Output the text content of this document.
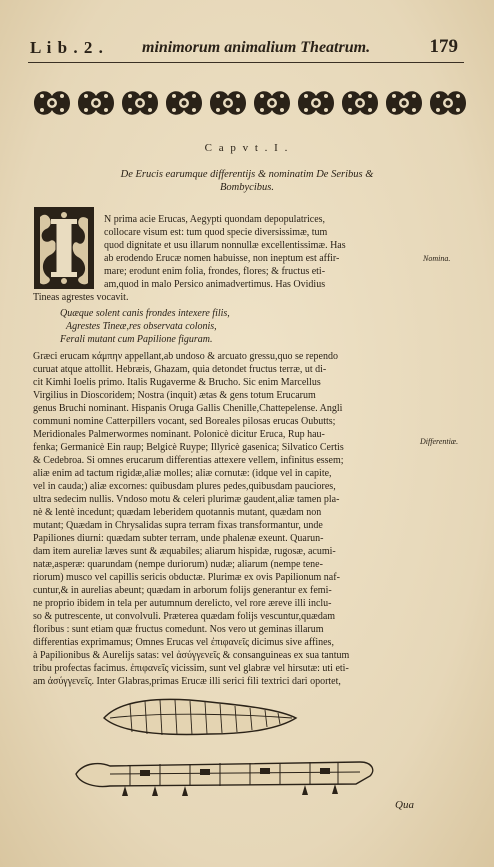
L i b . 2 . minimorum animalium Theatrum.	179
C a p v t . I .
De Erucis earumque differentijs & nominatim De Seribus &
Bombycibus.

N prima acie Erucas, Aegypti quondam depopulatrices,

collocare visum est: tum quod specie diversissimæ, tum

quod dignitate et usu illarum nonnullæ excellentissimæ. Has

ab erodendo Erucæ nomen habuisse, non ineptum est affir-

mare; erodunt enim folia, frondes, flores; & fructus eti-

am,quod in malo Persico animadvertimus. Has Ovidius

Tineas agrestes vocavit.
Nomina.
Quæque solent canis frondes intexere filis,
Agrestes Tineæ,res observata colonis,
Ferali mutant cum Papilione figuram.

Græci erucam κάμπην appellant,ab undoso & arcuato gressu,quo se rependo

curuat atque attollit. Hebræis, Ghazam, quia detondet fructus terræ, ut di-

cit Kimhi Ioelis primo. Italis Rugaverme & Brucho. Sic enim Marcellus

Virgilius in Dioscoridem; Nostra (inquit) ætas & gens totum Erucarum

genus Bruchi nominant. Hispanis Oruga Gallis Chenille,Chattepelense. Angli

communi nomine Catterpillers vocant, sed Boreales pilosas erucas Oubutts;

Meridionales Palmerwormes nominant. Polonicè dicitur Eruca, Rup hau-

fenka; Germanicè Ein raup; Belgicè Ruype; Illyricè gasenica; Silvatico Certis

& Cedebroa. Si omnes erucarum differentias attexere vellem, infinitus essem;

aliæ enim ad tactum rigidæ,aliæ molles; aliæ cornutæ: (idque vel in capite,

vel in cauda;) aliæ excornes: quibusdam plures pedes,quibusdam pauciores,

ultra sedecim nullis. Vndoso motu & celeri plurimæ gaudent,aliæ tamen pla-

nè & lentè incedunt; quædam leberidem quotannis mutant, quædam non

mutant; Quædam in Chrysalidas supra terram fixas transformantur, unde

Papiliones diurni: quædam subter terram, unde phalenæ exeunt. Quarun-

dam item aureliæ læves sunt & æquabiles; aliarum hispidæ, rugosæ, acumi-

natæ,asperæ: quarundam (nempe duriorum) nudæ; aliarum (nempe tene-

riorum) musco vel capillis sericis obductæ. Plurimæ ex ovis Papilionum naf-

cuntur,& in aurelias abeunt; quædam in arborum folijs generantur ex femi-

ne proprio ibidem in tela per autumnum derelicto, vel rore æreve illi inclu-

so & putrescente, ut convolvuli. Præterea quædam folijs vescuntur,quædam

floribus : sunt etiam quæ fructus comedunt. Nos vero ut geminas illarum

differentias exprimamus; Omnes Erucas vel ἐπιφανεῖς dicimus sive affines,

à Papilionibus & Aurelijs satas: vel ἀσύγγενεῖς & consanguineas ex sua tantum

tribu profectas facimus. ἐπιφανεῖς vicissim, sunt vel glabræ vel hirsutæ: uti eti-

am ἀσύγγενεῖς. Inter Glabras,primas Erucæ illi serici fili textrici dari oportet,

Differentiæ.
Qua
